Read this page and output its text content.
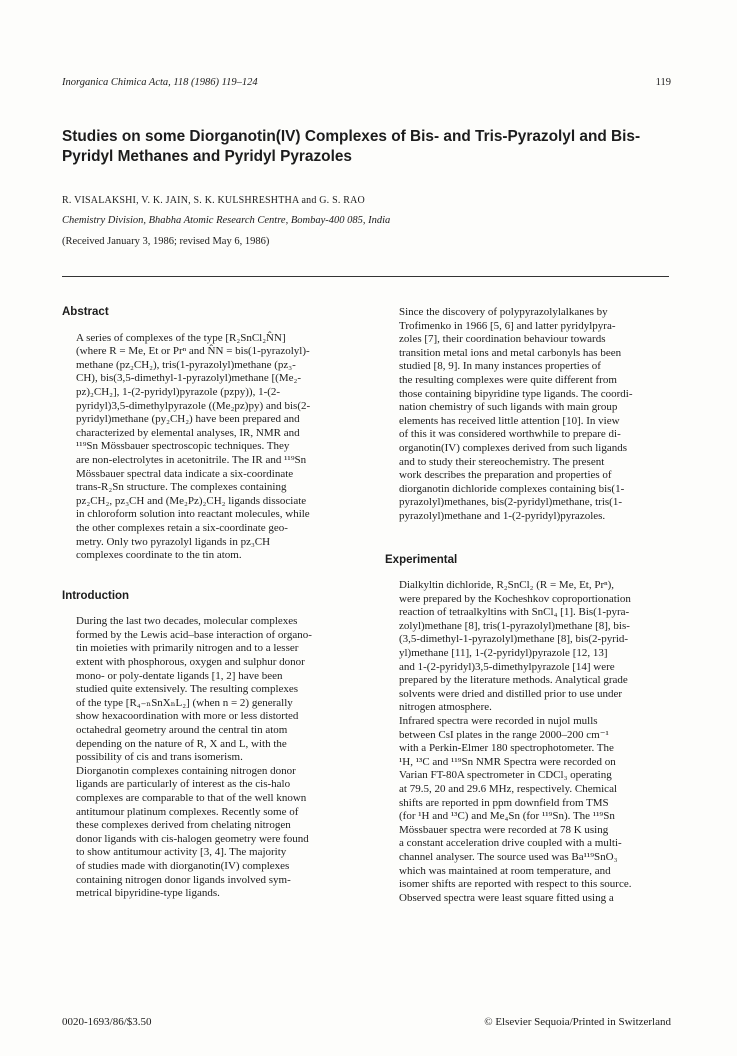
Inorganica Chimica Acta, 118 (1986) 119–124	119
Studies on some Diorganotin(IV) Complexes of Bis- and Tris-Pyrazolyl and Bis-
Pyridyl Methanes and Pyridyl Pyrazoles
R. VISALAKSHI, V. K. JAIN, S. K. KULSHRESHTHA and G. S. RAO
Chemistry Division, Bhabha Atomic Research Centre, Bombay-400 085, India
(Received January 3, 1986; revised May 6, 1986)
Abstract

A series of complexes of the type [R₂SnCl₂N̂N]
(where R = Me, Et or Prⁿ and N̂N = bis(1-pyrazolyl)-
methane (pz₂CH₂), tris(1-pyrazolyl)methane (pz₃-
CH), bis(3,5-dimethyl-1-pyrazolyl)methane [(Me₂-
pz)₂CH₂], 1-(2-pyridyl)pyrazole (pzpy)), 1-(2-
pyridyl)3,5-dimethylpyrazole ((Me₂pz)py) and bis(2-
pyridyl)methane (py₂CH₂) have been prepared and
characterized by elemental analyses, IR, NMR and
¹¹⁹Sn Mössbauer spectroscopic techniques. They
are non-electrolytes in acetonitrile. The IR and ¹¹⁹Sn
Mössbauer spectral data indicate a six-coordinate
trans-R₂Sn structure. The complexes containing
pz₂CH₂, pz₃CH and (Me₂Pz)₂CH₂ ligands dissociate
in chloroform solution into reactant molecules, while
the other complexes retain a six-coordinate geo-
metry. Only two pyrazolyl ligands in pz₃CH
complexes coordinate to the tin atom.

Introduction

During the last two decades, molecular complexes
formed by the Lewis acid–base interaction of organo-
tin moieties with primarily nitrogen and to a lesser
extent with phosphorous, oxygen and sulphur donor
mono- or poly-dentate ligands [1, 2] have been
studied quite extensively. The resulting complexes
of the type [R₄₋ₙSnXₙL₂] (when n = 2) generally
show hexacoordination with more or less distorted
octahedral geometry around the central tin atom
depending on the nature of R, X and L, with the
possibility of cis and trans isomerism.

Diorganotin complexes containing nitrogen donor
ligands are particularly of interest as the cis-halo
complexes are comparable to that of the well known
antitumour platinum complexes. Recently some of
these complexes derived from chelating nitrogen
donor ligands with cis-halogen geometry were found
to show antitumour activity [3, 4]. The majority
of studies made with diorganotin(IV) complexes
containing nitrogen donor ligands involved sym-
metrical bipyridine-type ligands.

Since the discovery of polypyrazolylalkanes by
Trofimenko in 1966 [5, 6] and latter pyridylpyra-
zoles [7], their coordination behaviour towards
transition metal ions and metal carbonyls has been
studied [8, 9]. In many instances properties of
the resulting complexes were quite different from
those containing bipyridine type ligands. The coordi-
nation chemistry of such ligands with main group
elements has received little attention [10]. In view
of this it was considered worthwhile to prepare di-
organotin(IV) complexes derived from such ligands
and to study their stereochemistry. The present
work describes the preparation and properties of
diorganotin dichloride complexes containing bis(1-
pyrazolyl)methanes, bis(2-pyridyl)methane, tris(1-
pyrazolyl)methane and 1-(2-pyridyl)pyrazoles.

Experimental

Dialkyltin dichloride, R₂SnCl₂ (R = Me, Et, Prⁿ),
were prepared by the Kocheshkov coproportionation
reaction of tetraalkyltins with SnCl₄ [1]. Bis(1-pyra-
zolyl)methane [8], tris(1-pyrazolyl)methane [8], bis-
(3,5-dimethyl-1-pyrazolyl)methane [8], bis(2-pyrid-
yl)methane [11], 1-(2-pyridyl)pyrazole [12, 13]
and 1-(2-pyridyl)3,5-dimethylpyrazole [14] were
prepared by the literature methods. Analytical grade
solvents were dried and distilled prior to use under
nitrogen atmosphere.

Infrared spectra were recorded in nujol mulls
between CsI plates in the range 2000–200 cm⁻¹
with a Perkin-Elmer 180 spectrophotometer. The
¹H, ¹³C and ¹¹⁹Sn NMR Spectra were recorded on
Varian FT-80A spectrometer in CDCl₃ operating
at 79.5, 20 and 29.6 MHz, respectively. Chemical
shifts are reported in ppm downfield from TMS
(for ¹H and ¹³C) and Me₄Sn (for ¹¹⁹Sn). The ¹¹⁹Sn
Mössbauer spectra were recorded at 78 K using
a constant acceleration drive coupled with a multi-
channel analyser. The source used was Ba¹¹⁹SnO₃
which was maintained at room temperature, and
isomer shifts are reported with respect to this source.
Observed spectra were least square fitted using a

0020-1693/86/$3.50	© Elsevier Sequoia/Printed in Switzerland
